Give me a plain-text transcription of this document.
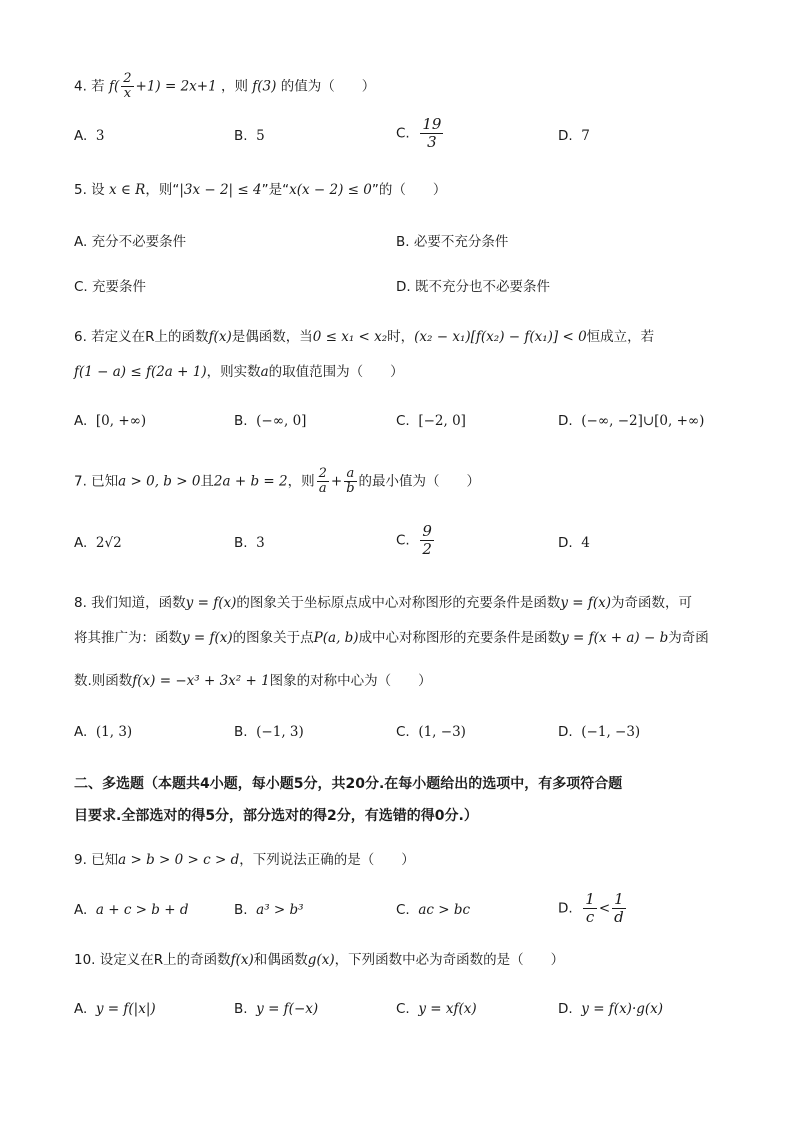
4. 若 $f( \frac{2}{x} +1) = 2x+1$ ，则 f(3) 的值为（　　）
A. 3	B. 5	C. $\frac{19}{3}$	D. 7
5. 设 x ∈ R，则“|3x − 2| ≤ 4”是“x(x − 2) ≤ 0”的（　　）
A. 充分不必要条件	B. 必要不充分条件
C. 充要条件	D. 既不充分也不必要条件
6. 若定义在R上的函数f(x)是偶函数，当0 ≤ x₁ < x₂时，(x₂ − x₁)[f(x₂) − f(x₁)] < 0恒成立，若
f(1 − a) ≤ f(2a + 1)，则实数a的取值范围为（　　）
A. [0, +∞)	B. (−∞, 0]	C. [−2, 0]	D. (−∞, −2]∪[0, +∞)
7. 已知a > 0, b > 0且2a + b = 2，则 $\frac{2}{a} + \frac{a}{b}$ 的最小值为（　　）
A. 2√2	B. 3	C. $\frac{9}{2}$	D. 4
8. 我们知道，函数y = f(x)的图象关于坐标原点成中心对称图形的充要条件是函数y = f(x)为奇函数，可
将其推广为：函数y = f(x)的图象关于点P(a, b)成中心对称图形的充要条件是函数y = f(x + a) − b为奇函
数.则函数f(x) = −x³ + 3x² + 1图象的对称中心为（　　）
A. (1, 3)	B. (−1, 3)	C. (1, −3)	D. (−1, −3)
二、多选题（本题共4小题，每小题5分，共20分.在每小题给出的选项中，有多项符合题
目要求.全部选对的得5分，部分选对的得2分，有选错的得0分.）
9. 已知a > b > 0 > c > d，下列说法正确的是（　　）
A. a + c > b + d	B. a³ > b³	C. ac > bc	D. $\frac{1}{c} < \frac{1}{d}$
10. 设定义在R上的奇函数f(x)和偶函数g(x)，下列函数中必为奇函数的是（　　）
A. y = f(|x|)	B. y = f(−x)	C. y = xf(x)	D. y = f(x)·g(x)
